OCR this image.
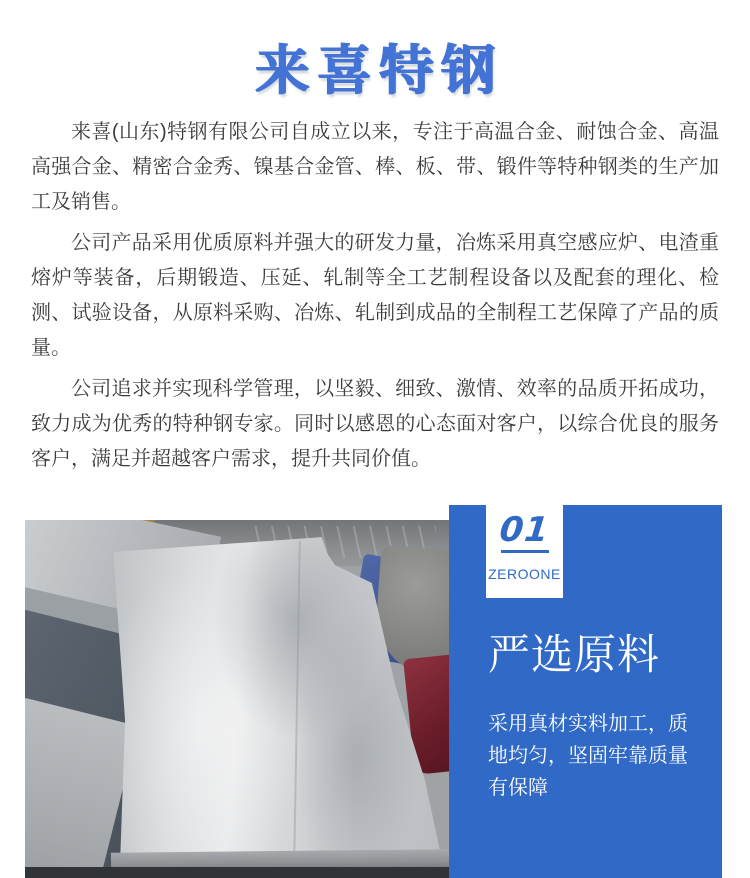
来喜特钢

来喜(山东)特钢有限公司自成立以来，专注于高温合金、耐蚀合金、高温高强合金、精密合金秀、镍基合金管、棒、板、带、锻件等特种钢类的生产加工及销售。

公司产品采用优质原料并强大的研发力量，冶炼采用真空感应炉、电渣重熔炉等装备，后期锻造、压延、轧制等全工艺制程设备以及配套的理化、检测、试验设备，从原料采购、冶炼、轧制到成品的全制程工艺保障了产品的质量。

公司追求并实现科学管理，以坚毅、细致、激情、效率的品质开拓成功，致力成为优秀的特种钢专家。同时以感恩的心态面对客户，以综合优良的服务客户，满足并超越客户需求，提升共同价值。

01
ZEROONE
严选原料
采用真材实料加工，质
地均匀，坚固牢靠质量
有保障
